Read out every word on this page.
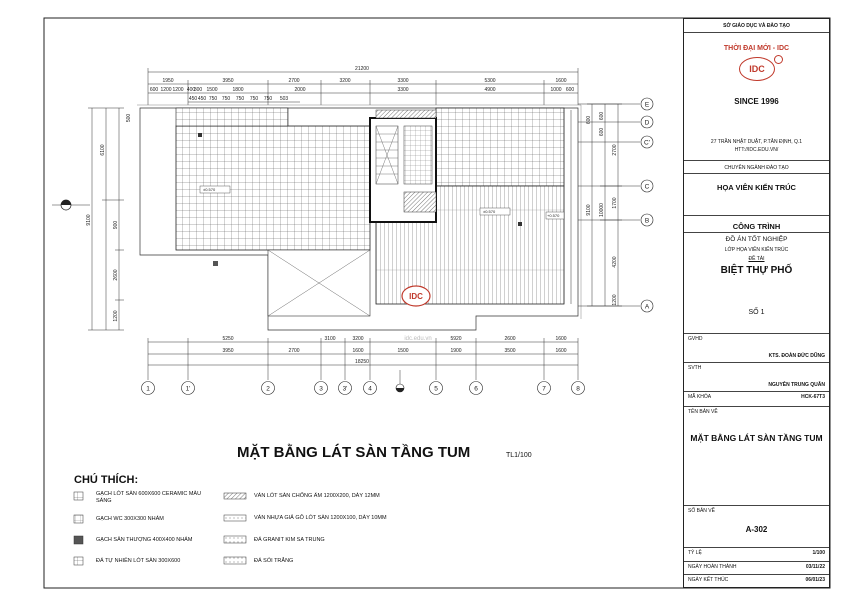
21200
1950	3950	2700	3200	3300	5300	1600
600 1200 1200 400
300 1500	1800	2000	3300	4900	1000 600
450 450 750 750 750 750 750 503
9100
6100
900
2600
1200
500
±0.570
±0.570
+0.570
IDC
idc.edu.vn
9100 10000
2700
1700
4200
1200
600
600
600
E
D
C'
C
B
A
5250	3100	3200	5920	2600	1600
3950	2700	1600	1500	1900	3500	1600
18250
1	1'	2	3	3'	4	5	6	7	8
MẶT BẰNG LÁT SÀN TẦNG TUM	TL1/100
CHÚ THÍCH:
GẠCH LÓT SÀN 600X600 CERAMIC MÀU SÁNG
GẠCH WC 300X300 NHÁM
GẠCH SÂN THƯỢNG 400X400 NHÁM
ĐÁ TỰ NHIÊN LÓT SÀN 300X600
VÁN LÓT SÀN CHỐNG ẨM 1200X200, DÀY 12MM
VÁN NHỰA GIẢ GỖ LÓT SÀN 1200X100, DÀY 10MM
ĐÁ GRANIT KIM SA TRUNG
ĐÁ SỎI TRẮNG
SỞ GIÁO DỤC VÀ ĐÀO TẠO
THỜI ĐẠI MỚI - IDC
IDC
SINCE 1996
27 TRẦN NHẬT DUẬT, P.TÂN ĐỊNH, Q.1
HTT://IDC.EDU.VN/
CHUYÊN NGÀNH ĐÀO TẠO
HỌA VIÊN KIẾN TRÚC
CÔNG TRÌNH
ĐỒ ÁN TỐT NGHIỆP
LỚP HỌA VIÊN KIẾN TRÚC
ĐỀ TÀI
BIỆT THỰ PHỐ
SỐ 1
GVHD
KTS. ĐOÀN ĐỨC DŨNG
SVTH
NGUYỄN TRUNG QUÂN
MÃ KHÓA	HCK-67T3
TÊN BẢN VẼ
MẶT BẰNG LÁT SÀN TẦNG TUM
SỐ BẢN VẼ
A-302
TỶ LỆ	1/100
NGÀY HOÀN THÀNH	03/11/22
NGÀY KẾT THÚC	06/01/23
